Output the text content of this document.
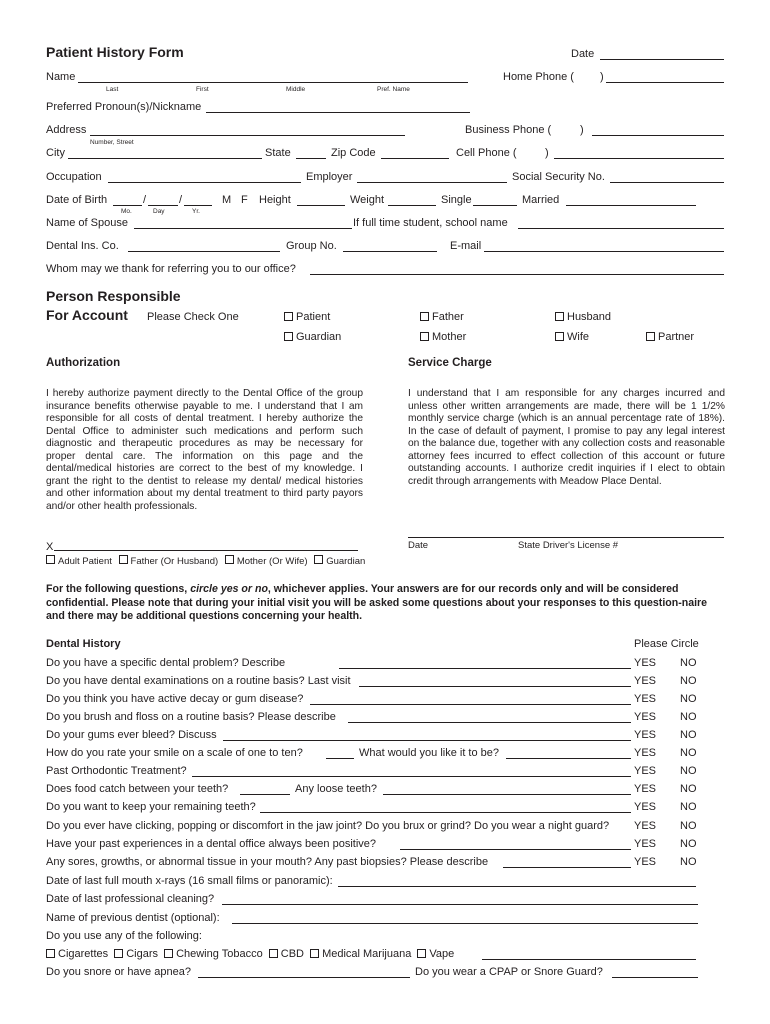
Patient History Form	Date
Name
Last	First	Middle	Pref. Name
Home Phone ( )
Preferred Pronoun(s)/Nickname
Address
Number, Street
Business Phone (	)
City	State	Zip Code	Cell Phone (	)
Occupation	Employer	Social Security No.
Date of Birth	/	/
Mo.	Day	Yr.
M F Height	Weight	Single	Married
Name of Spouse	If full time student, school name
Dental Ins. Co.	Group No.	E-mail
Whom may we thank for referring you to our office?
Person Responsible
For Account Please Check One	Patient	Father	Husband
Guardian	Mother	Wife	Partner
Authorization	Service Charge
I hereby authorize payment directly to the Dental Office of the group insurance benefits otherwise payable to me. I understand that I am responsible for all costs of dental treatment. I hereby authorize the Dental Office to administer such medications and perform such diagnostic and therapeutic procedures as may be necessary for proper dental care. The information on this page and the dental/medical histories are correct to the best of my knowledge. I grant the right to the dentist to release my dental/ medical histories and other information about my dental treatment to third party payors and/or other health professionals.
I understand that I am responsible for any charges incurred and unless other written arrangements are made, there will be 1 1/2% monthly service charge (which is an annual percentage rate of 18%). In the case of default of payment, I promise to pay any legal interest on the balance due, together with any collection costs and reasonable attorney fees incurred to effect collection of this account or future outstanding accounts. I authorize credit inquiries if I elect to obtain credit through arrangements with Meadow Place Dental.
X
Adult Patient Father (Or Husband) Mother (Or Wife) Guardian
Date	State Driver's License #
For the following questions, circle yes or no, whichever applies. Your answers are for our records only and will be considered confidential. Please note that during your initial visit you will be asked some questions about your responses to this question-naire and there may be additional questions concerning your health.
Dental History	Please Circle
Do you have a specific dental problem? Describe	YES NO
Do you have dental examinations on a routine basis? Last visit	YES NO
Do you think you have active decay or gum disease?	YES NO
Do you brush and floss on a routine basis? Please describe	YES NO
Do your gums ever bleed? Discuss	YES NO
How do you rate your smile on a scale of one to ten?	What would you like it to be?	YES NO
Past Orthodontic Treatment?	YES NO
Does food catch between your teeth?	Any loose teeth?	YES NO
Do you want to keep your remaining teeth?	YES NO
Do you ever have clicking, popping or discomfort in the jaw joint? Do you brux or grind? Do you wear a night guard? YES NO
Have your past experiences in a dental office always been positive?	YES NO
Any sores, growths, or abnormal tissue in your mouth? Any past biopsies? Please describe	YES NO
Date of last full mouth x-rays (16 small films or panoramic):
Date of last professional cleaning?
Name of previous dentist (optional):
Do you use any of the following:
Cigarettes Cigars Chewing Tobacco CBD Medical Marijuana Vape
Do you snore or have apnea?	Do you wear a CPAP or Snore Guard?
